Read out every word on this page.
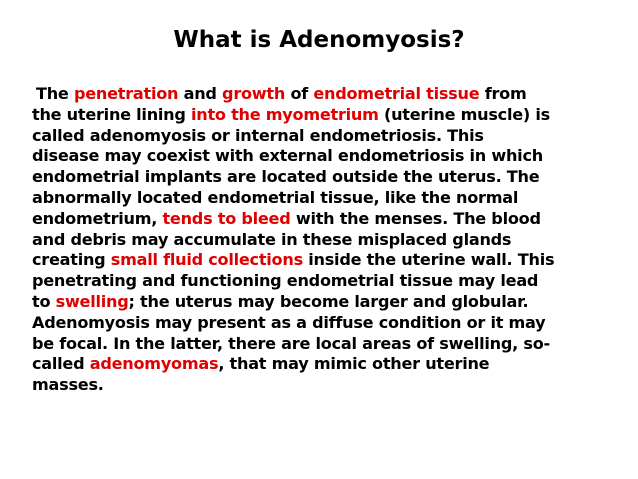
What is Adenomyosis?
The penetration and growth of endometrial tissue from
the uterine lining into the myometrium (uterine muscle) is
called adenomyosis or internal endometriosis. This
disease may coexist with external endometriosis in which
endometrial implants are located outside the uterus. The
abnormally located endometrial tissue, like the normal
endometrium, tends to bleed with the menses. The blood
and debris may accumulate in these misplaced glands
creating small fluid collections inside the uterine wall. This
penetrating and functioning endometrial tissue may lead
to swelling; the uterus may become larger and globular.
Adenomyosis may present as a diffuse condition or it may
be focal. In the latter, there are local areas of swelling, so-
called adenomyomas, that may mimic other uterine
masses.
